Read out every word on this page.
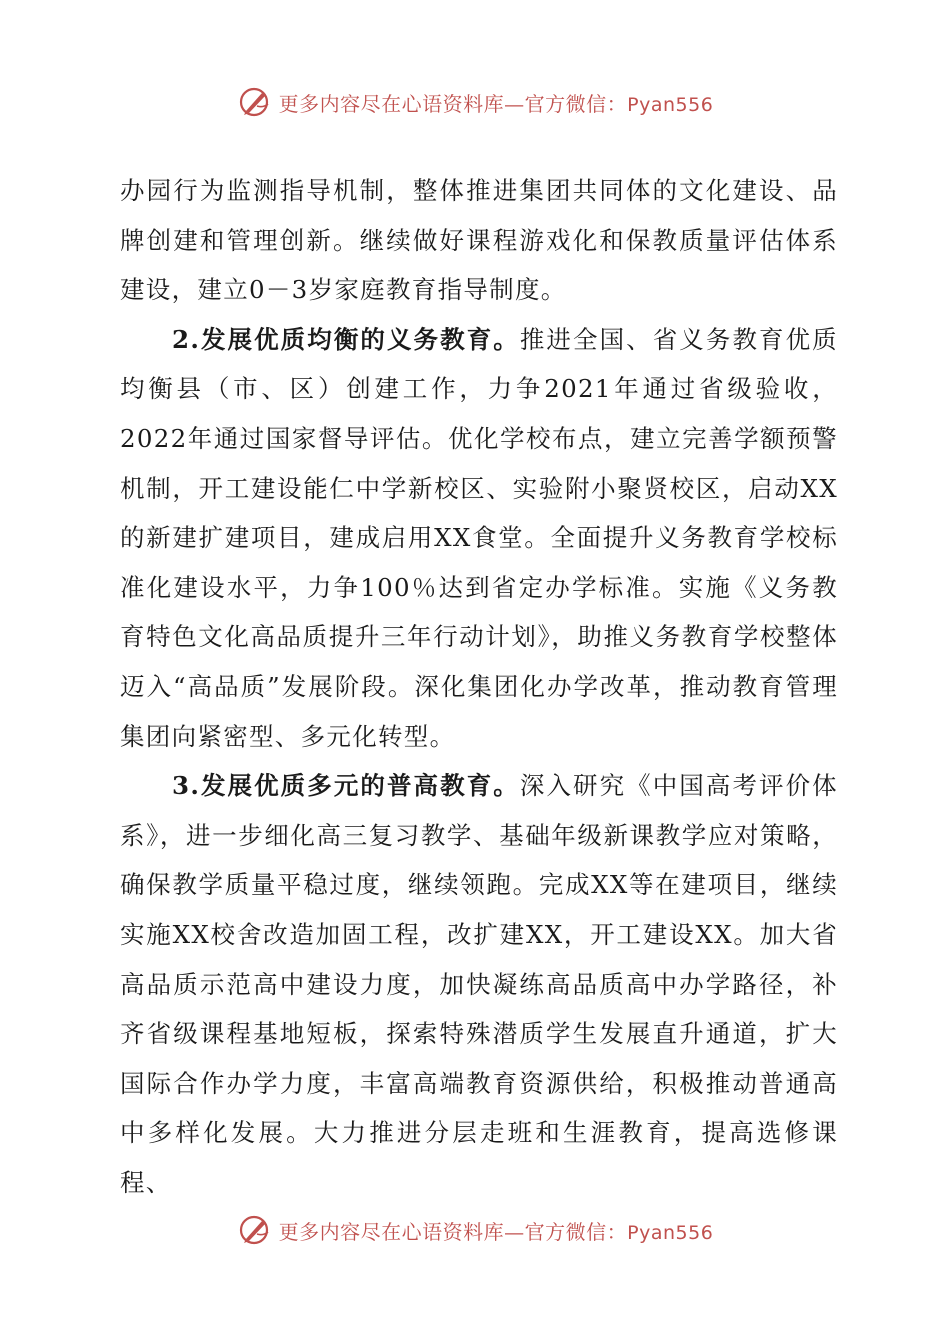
更多内容尽在心语资料库—官方微信：Pyan556

办园行为监测指导机制，整体推进集团共同体的文化建设、品牌创建和管理创新。继续做好课程游戏化和保教质量评估体系建设，建立0－3岁家庭教育指导制度。

2.发展优质均衡的义务教育。推进全国、省义务教育优质均衡县（市、区）创建工作，力争2021年通过省级验收，2022年通过国家督导评估。优化学校布点，建立完善学额预警机制，开工建设能仁中学新校区、实验附小聚贤校区，启动XX的新建扩建项目，建成启用XX食堂。全面提升义务教育学校标准化建设水平，力争100％达到省定办学标准。实施《义务教育特色文化高品质提升三年行动计划》，助推义务教育学校整体迈入“高品质”发展阶段。深化集团化办学改革，推动教育管理集团向紧密型、多元化转型。

3.发展优质多元的普高教育。深入研究《中国高考评价体系》，进一步细化高三复习教学、基础年级新课教学应对策略，确保教学质量平稳过度，继续领跑。完成XX等在建项目，继续实施XX校舍改造加固工程，改扩建XX，开工建设XX。加大省高品质示范高中建设力度，加快凝练高品质高中办学路径，补齐省级课程基地短板，探索特殊潜质学生发展直升通道，扩大国际合作办学力度，丰富高端教育资源供给，积极推动普通高中多样化发展。大力推进分层走班和生涯教育，提高选修课程、

更多内容尽在心语资料库—官方微信：Pyan556
